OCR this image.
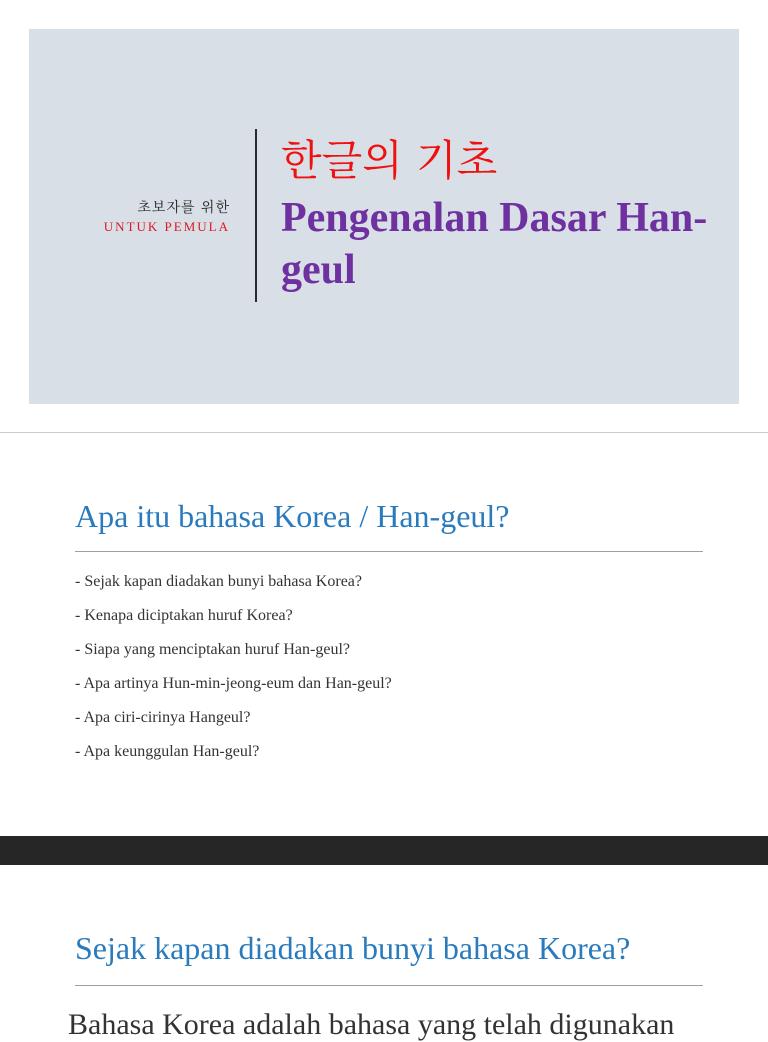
초보자를 위한
UNTUK PEMULA
한글의 기초
Pengenalan Dasar Han-geul
Apa itu bahasa Korea / Han-geul?
- Sejak kapan diadakan bunyi bahasa Korea?
- Kenapa diciptakan huruf Korea?
- Siapa yang menciptakan huruf Han-geul?
- Apa artinya Hun-min-jeong-eum dan Han-geul?
- Apa ciri-cirinya Hangeul?
- Apa keunggulan Han-geul?
Sejak kapan diadakan bunyi bahasa Korea?
Bahasa Korea adalah bahasa yang telah digunakan
